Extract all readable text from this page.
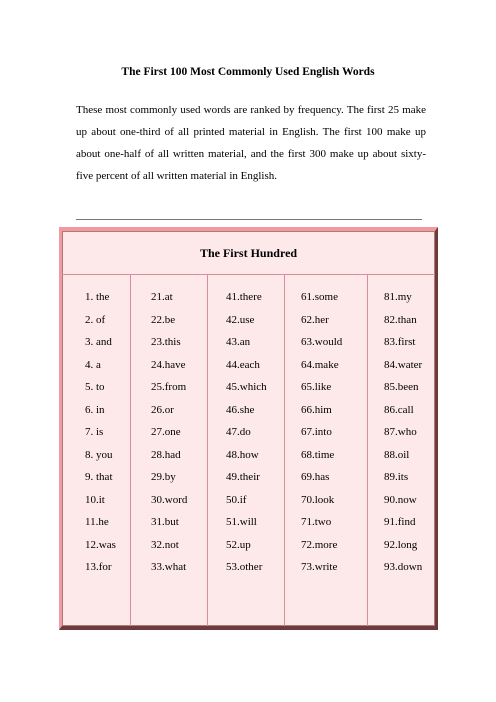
The First 100 Most Commonly Used English Words
These most commonly used words are ranked by frequency. The first 25 make up about one-third of all printed material in English. The first 100 make up about one-half of all written material, and the first 300 make up about sixty-five percent of all written material in English.
The First Hundred
1. the
2. of
3. and
4. a
5. to
6. in
7. is
8. you
9. that
10.it
11.he
12.was
13.for
21.at
22.be
23.this
24.have
25.from
26.or
27.one
28.had
29.by
30.word
31.but
32.not
33.what
41.there
42.use
43.an
44.each
45.which
46.she
47.do
48.how
49.their
50.if
51.will
52.up
53.other
61.some
62.her
63.would
64.make
65.like
66.him
67.into
68.time
69.has
70.look
71.two
72.more
73.write
81.my
82.than
83.first
84.water
85.been
86.call
87.who
88.oil
89.its
90.now
91.find
92.long
93.down
